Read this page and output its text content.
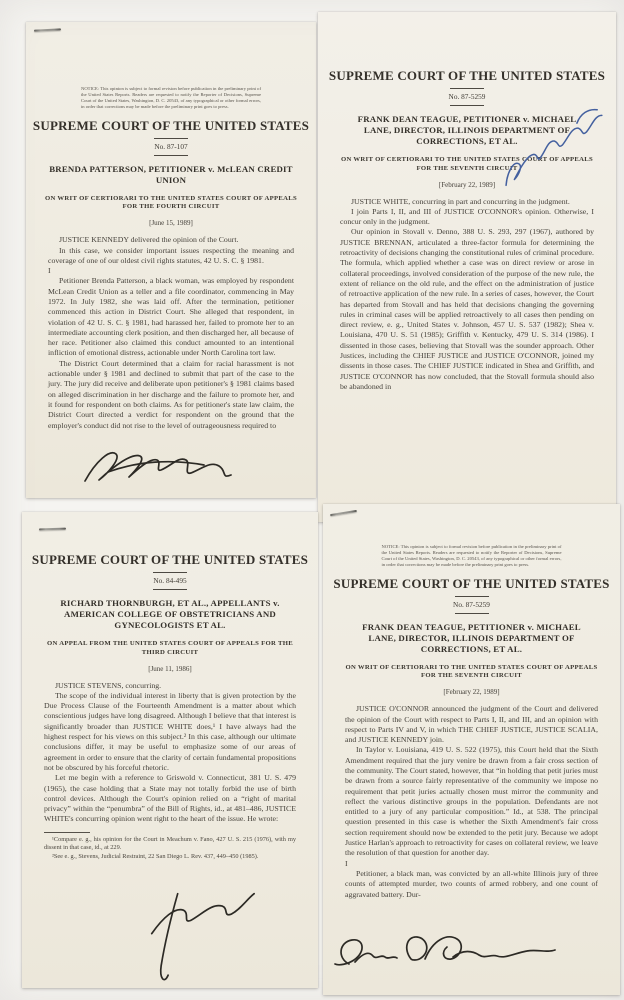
NOTICE: This opinion is subject to formal revision before publication in the preliminary print of the United States Reports. Readers are requested to notify the Reporter of Decisions, Supreme Court of the United States, Washington, D. C. 20543, of any typographical or other formal errors, in order that corrections may be made before the preliminary print goes to press.

SUPREME COURT OF THE UNITED STATES
No. 87-107
BRENDA PATTERSON, PETITIONER v. McLEAN CREDIT UNION
ON WRIT OF CERTIORARI TO THE UNITED STATES COURT OF APPEALS FOR THE FOURTH CIRCUIT
[June 15, 1989]

JUSTICE KENNEDY delivered the opinion of the Court.

In this case, we consider important issues respecting the meaning and coverage of one of our oldest civil rights statutes, 42 U. S. C. § 1981.

I

Petitioner Brenda Patterson, a black woman, was employed by respondent McLean Credit Union as a teller and a file coordinator, commencing in May 1972. In July 1982, she was laid off. After the termination, petitioner commenced this action in District Court. She alleged that respondent, in violation of 42 U. S. C. § 1981, had harassed her, failed to promote her to an intermediate accounting clerk position, and then discharged her, all because of her race. Petitioner also claimed this conduct amounted to an intentional infliction of emotional distress, actionable under North Carolina tort law.

The District Court determined that a claim for racial harassment is not actionable under § 1981 and declined to submit that part of the case to the jury. The jury did receive and deliberate upon petitioner's § 1981 claims based on alleged discrimination in her discharge and the failure to promote her, and it found for respondent on both claims. As for petitioner's state law claim, the District Court directed a verdict for respondent on the ground that the employer's conduct did not rise to the level of outrageousness required to

SUPREME COURT OF THE UNITED STATES
No. 87-5259
FRANK DEAN TEAGUE, PETITIONER v. MICHAEL LANE, DIRECTOR, ILLINOIS DEPARTMENT OF CORRECTIONS, ET AL.
ON WRIT OF CERTIORARI TO THE UNITED STATES COURT OF APPEALS FOR THE SEVENTH CIRCUIT
[February 22, 1989]

JUSTICE WHITE, concurring in part and concurring in the judgment.

I join Parts I, II, and III of JUSTICE O'CONNOR's opinion. Otherwise, I concur only in the judgment.

Our opinion in Stovall v. Denno, 388 U. S. 293, 297 (1967), authored by JUSTICE BRENNAN, articulated a three-factor formula for determining the retroactivity of decisions changing the constitutional rules of criminal procedure. The formula, which applied whether a case was on direct review or arose in collateral proceedings, involved consideration of the purpose of the new rule, the extent of reliance on the old rule, and the effect on the administration of justice of retroactive application of the new rule. In a series of cases, however, the Court has departed from Stovall and has held that decisions changing the governing rules in criminal cases will be applied retroactively to all cases then pending on direct review, e. g., United States v. Johnson, 457 U. S. 537 (1982); Shea v. Louisiana, 470 U. S. 51 (1985); Griffith v. Kentucky, 479 U. S. 314 (1986). I dissented in those cases, believing that Stovall was the sounder approach. Other Justices, including the CHIEF JUSTICE and JUSTICE O'CONNOR, joined my dissents in those cases. The CHIEF JUSTICE indicated in Shea and Griffith, and JUSTICE O'CONNOR has now concluded, that the Stovall formula should also be abandoned in

SUPREME COURT OF THE UNITED STATES
No. 84-495
RICHARD THORNBURGH, ET AL., APPELLANTS v. AMERICAN COLLEGE OF OBSTETRICIANS AND GYNECOLOGISTS ET AL.
ON APPEAL FROM THE UNITED STATES COURT OF APPEALS FOR THE THIRD CIRCUIT
[June 11, 1986]

JUSTICE STEVENS, concurring.

The scope of the individual interest in liberty that is given protection by the Due Process Clause of the Fourteenth Amendment is a matter about which conscientious judges have long disagreed. Although I believe that that interest is significantly broader than JUSTICE WHITE does,¹ I have always had the highest respect for his views on this subject.² In this case, although our ultimate conclusions differ, it may be useful to emphasize some of our areas of agreement in order to ensure that the clarity of certain fundamental propositions not be obscured by his forceful rhetoric.

Let me begin with a reference to Griswold v. Connecticut, 381 U. S. 479 (1965), the case holding that a State may not totally forbid the use of birth control devices. Although the Court's opinion relied on a “right of marital privacy” within the “penumbra” of the Bill of Rights, id., at 481–486, JUSTICE WHITE's concurring opinion went right to the heart of the issue. He wrote:

¹Compare e. g., his opinion for the Court in Meachum v. Fano, 427 U. S. 215 (1976), with my dissent in that case, id., at 229.

²See e. g., Stevens, Judicial Restraint, 22 San Diego L. Rev. 437, 449–450 (1985).

NOTICE: This opinion is subject to formal revision before publication in the preliminary print of the United States Reports. Readers are requested to notify the Reporter of Decisions, Supreme Court of the United States, Washington, D. C. 20543, of any typographical or other formal errors, in order that corrections may be made before the preliminary print goes to press.

SUPREME COURT OF THE UNITED STATES
No. 87-5259
FRANK DEAN TEAGUE, PETITIONER v. MICHAEL LANE, DIRECTOR, ILLINOIS DEPARTMENT OF CORRECTIONS, ET AL.
ON WRIT OF CERTIORARI TO THE UNITED STATES COURT OF APPEALS FOR THE SEVENTH CIRCUIT
[February 22, 1989]

JUSTICE O'CONNOR announced the judgment of the Court and delivered the opinion of the Court with respect to Parts I, II, and III, and an opinion with respect to Parts IV and V, in which THE CHIEF JUSTICE, JUSTICE SCALIA, and JUSTICE KENNEDY join.

In Taylor v. Louisiana, 419 U. S. 522 (1975), this Court held that the Sixth Amendment required that the jury venire be drawn from a fair cross section of the community. The Court stated, however, that “in holding that petit juries must be drawn from a source fairly representative of the community we impose no requirement that petit juries actually chosen must mirror the community and reflect the various distinctive groups in the population. Defendants are not entitled to a jury of any particular composition.” Id., at 538. The principal question presented in this case is whether the Sixth Amendment's fair cross section requirement should now be extended to the petit jury. Because we adopt Justice Harlan's approach to retroactivity for cases on collateral review, we leave the resolution of that question for another day.

I

Petitioner, a black man, was convicted by an all-white Illinois jury of three counts of attempted murder, two counts of armed robbery, and one count of aggravated battery. Dur-
